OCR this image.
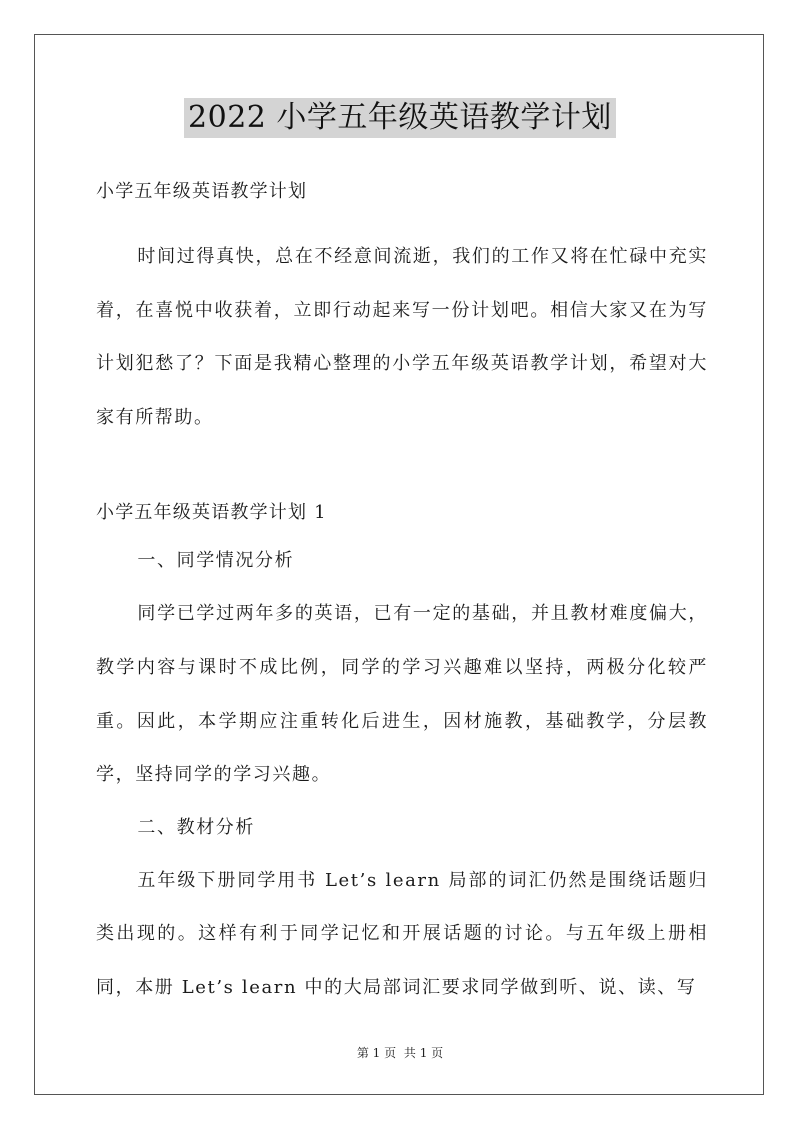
2022 小学五年级英语教学计划
小学五年级英语教学计划

时间过得真快，总在不经意间流逝，我们的工作又将在忙碌中充实着，在喜悦中收获着，立即行动起来写一份计划吧。相信大家又在为写计划犯愁了？下面是我精心整理的小学五年级英语教学计划，希望对大家有所帮助。

小学五年级英语教学计划 1

一、同学情况分析

同学已学过两年多的英语，已有一定的基础，并且教材难度偏大，教学内容与课时不成比例，同学的学习兴趣难以坚持，两极分化较严重。因此，本学期应注重转化后进生，因材施教，基础教学，分层教学，坚持同学的学习兴趣。

二、教材分析

五年级下册同学用书 Let’s learn 局部的词汇仍然是围绕话题归类出现的。这样有利于同学记忆和开展话题的讨论。与五年级上册相同，本册 Let’s learn 中的大局部词汇要求同学做到听、说、读、写

第 1 页 共 1 页
